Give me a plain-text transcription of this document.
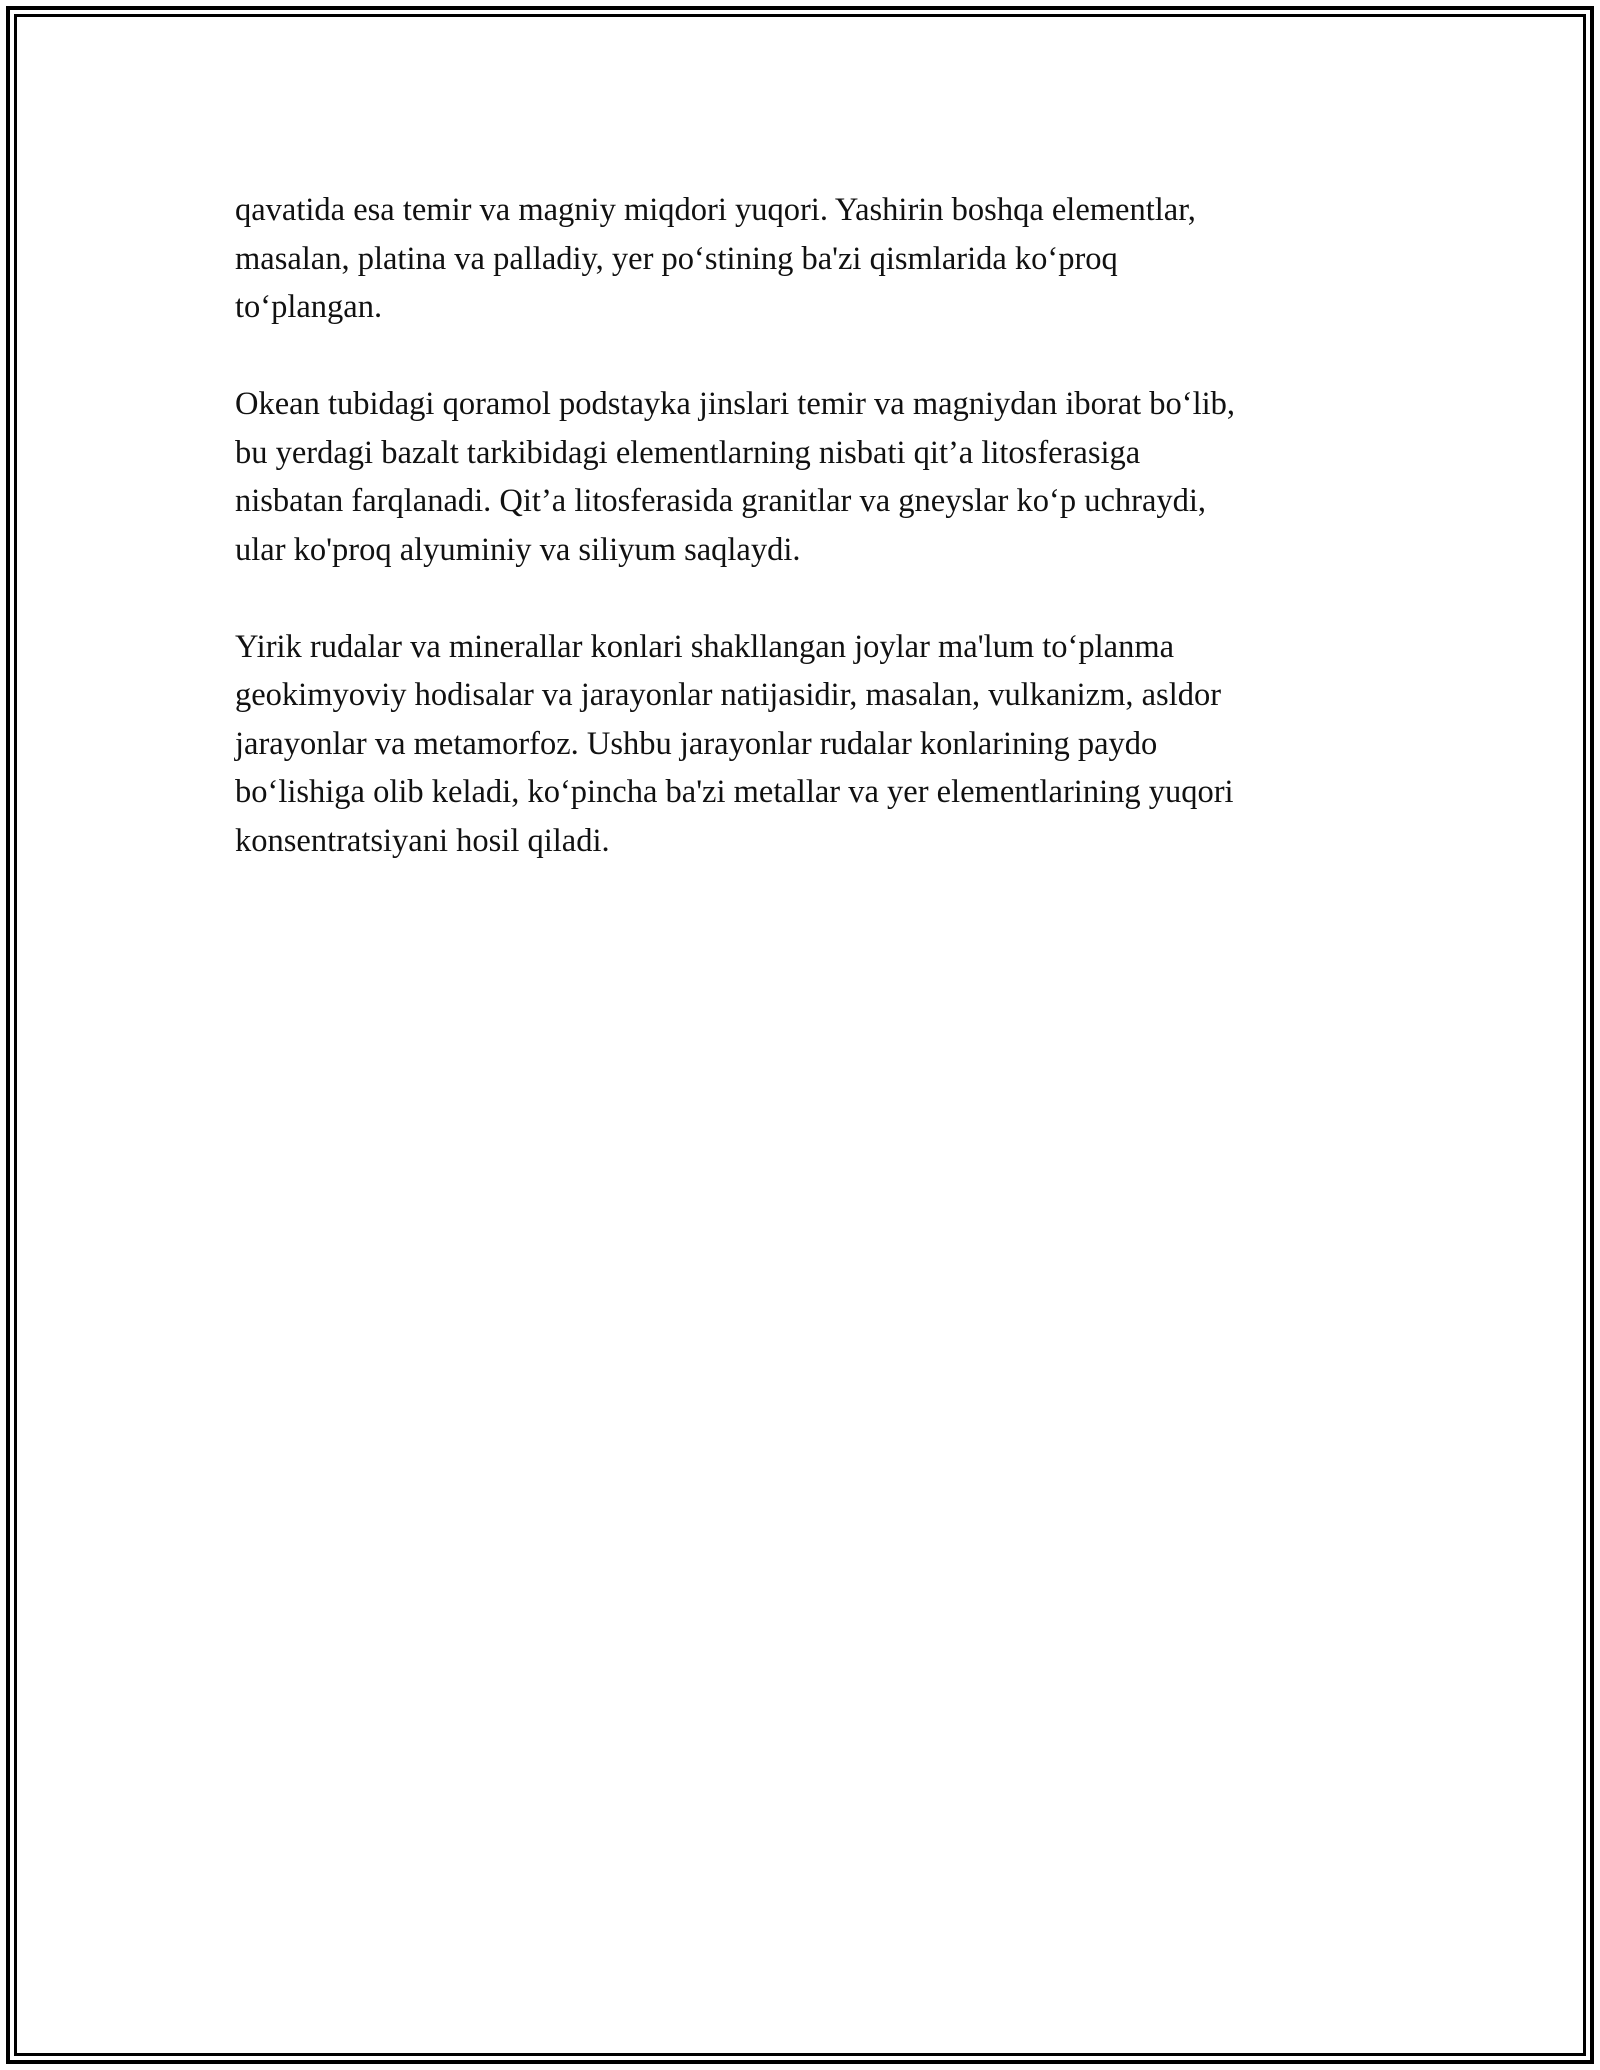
qavatida esa temir va magniy miqdori yuqori. Yashirin boshqa elementlar,
masalan, platina va palladiy, yer po‘stining ba'zi qismlarida ko‘proq
to‘plangan.

Okean tubidagi qoramol podstayka jinslari temir va magniydan iborat bo‘lib,
bu yerdagi bazalt tarkibidagi elementlarning nisbati qit’a litosferasiga
nisbatan farqlanadi. Qit’a litosferasida granitlar va gneyslar ko‘p uchraydi,
ular ko'proq alyuminiy va siliyum saqlaydi.

Yirik rudalar va minerallar konlari shakllangan joylar ma'lum to‘planma
geokimyoviy hodisalar va jarayonlar natijasidir, masalan, vulkanizm, asldor
jarayonlar va metamorfoz. Ushbu jarayonlar rudalar konlarining paydo
bo‘lishiga olib keladi, ko‘pincha ba'zi metallar va yer elementlarining yuqori
konsentratsiyani hosil qiladi.
